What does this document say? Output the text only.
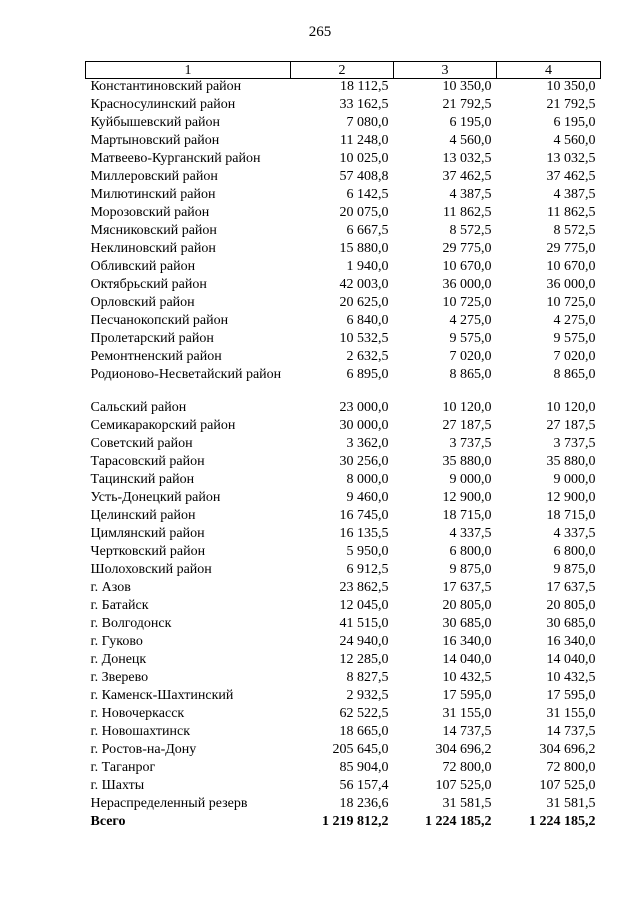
265
1	2	3	4
Константиновский район	18 112,5	10 350,0	10 350,0
Красносулинский район	33 162,5	21 792,5	21 792,5
Куйбышевский район	7 080,0	6 195,0	6 195,0
Мартыновский район	11 248,0	4 560,0	4 560,0
Матвеево-Курганский район	10 025,0	13 032,5	13 032,5
Миллеровский район	57 408,8	37 462,5	37 462,5
Милютинский район	6 142,5	4 387,5	4 387,5
Морозовский район	20 075,0	11 862,5	11 862,5
Мясниковский район	6 667,5	8 572,5	8 572,5
Неклиновский район	15 880,0	29 775,0	29 775,0
Обливский район	1 940,0	10 670,0	10 670,0
Октябрьский район	42 003,0	36 000,0	36 000,0
Орловский район	20 625,0	10 725,0	10 725,0
Песчанокопский район	6 840,0	4 275,0	4 275,0
Пролетарский район	10 532,5	9 575,0	9 575,0
Ремонтненский район	2 632,5	7 020,0	7 020,0
Родионово-Несветайский район	6 895,0	8 865,0	8 865,0
Сальский район	23 000,0	10 120,0	10 120,0
Семикаракорский район	30 000,0	27 187,5	27 187,5
Советский район	3 362,0	3 737,5	3 737,5
Тарасовский район	30 256,0	35 880,0	35 880,0
Тацинский район	8 000,0	9 000,0	9 000,0
Усть-Донецкий район	9 460,0	12 900,0	12 900,0
Целинский район	16 745,0	18 715,0	18 715,0
Цимлянский район	16 135,5	4 337,5	4 337,5
Чертковский район	5 950,0	6 800,0	6 800,0
Шолоховский район	6 912,5	9 875,0	9 875,0
г. Азов	23 862,5	17 637,5	17 637,5
г. Батайск	12 045,0	20 805,0	20 805,0
г. Волгодонск	41 515,0	30 685,0	30 685,0
г. Гуково	24 940,0	16 340,0	16 340,0
г. Донецк	12 285,0	14 040,0	14 040,0
г. Зверево	8 827,5	10 432,5	10 432,5
г. Каменск-Шахтинский	2 932,5	17 595,0	17 595,0
г. Новочеркасск	62 522,5	31 155,0	31 155,0
г. Новошахтинск	18 665,0	14 737,5	14 737,5
г. Ростов-на-Дону	205 645,0	304 696,2	304 696,2
г. Таганрог	85 904,0	72 800,0	72 800,0
г. Шахты	56 157,4	107 525,0	107 525,0
Нераспределенный резерв	18 236,6	31 581,5	31 581,5
Всего	1 219 812,2	1 224 185,2	1 224 185,2
